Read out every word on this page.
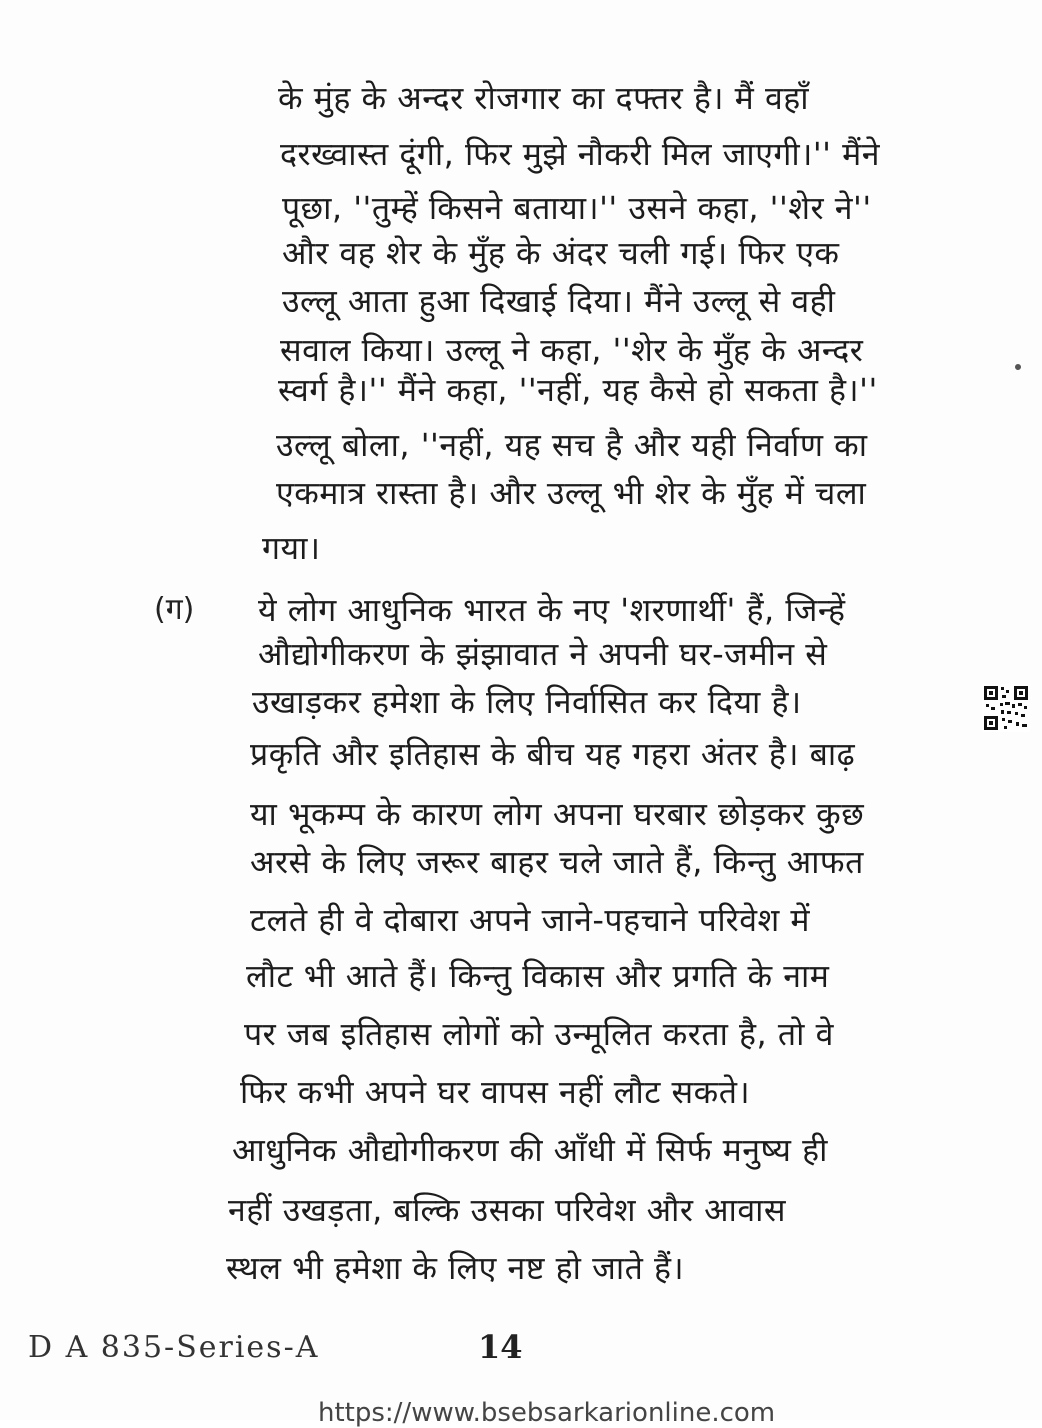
के मुंह के अन्दर रोजगार का दफ्तर है। मैं वहाँ
दरख्वास्त दूंगी, फिर मुझे नौकरी मिल जाएगी।'' मैंने
पूछा, ''तुम्हें किसने बताया।'' उसने कहा, ''शेर ने''
और वह शेर के मुँह के अंदर चली गई। फिर एक
उल्लू आता हुआ दिखाई दिया। मैंने उल्लू से वही
सवाल किया। उल्लू ने कहा, ''शेर के मुँह के अन्दर
स्वर्ग है।'' मैंने कहा, ''नहीं, यह कैसे हो सकता है।''
उल्लू बोला, ''नहीं, यह सच है और यही निर्वाण का
एकमात्र रास्ता है। और उल्लू भी शेर के मुँह में चला
गया।
(ग) ये लोग आधुनिक भारत के नए 'शरणार्थी' हैं, जिन्हें
औद्योगीकरण के झंझावात ने अपनी घर-जमीन से
उखाड़कर हमेशा के लिए निर्वासित कर दिया है।
प्रकृति और इतिहास के बीच यह गहरा अंतर है। बाढ़
या भूकम्प के कारण लोग अपना घरबार छोड़कर कुछ
अरसे के लिए जरूर बाहर चले जाते हैं, किन्तु आफत
टलते ही वे दोबारा अपने जाने-पहचाने परिवेश में
लौट भी आते हैं। किन्तु विकास और प्रगति के नाम
पर जब इतिहास लोगों को उन्मूलित करता है, तो वे
फिर कभी अपने घर वापस नहीं लौट सकते।
आधुनिक औद्योगीकरण की आँधी में सिर्फ मनुष्य ही
नहीं उखड़ता, बल्कि उसका परिवेश और आवास
स्थल भी हमेशा के लिए नष्ट हो जाते हैं।
D A 835-Series-A	14
https://www.bsebsarkarionline.com
